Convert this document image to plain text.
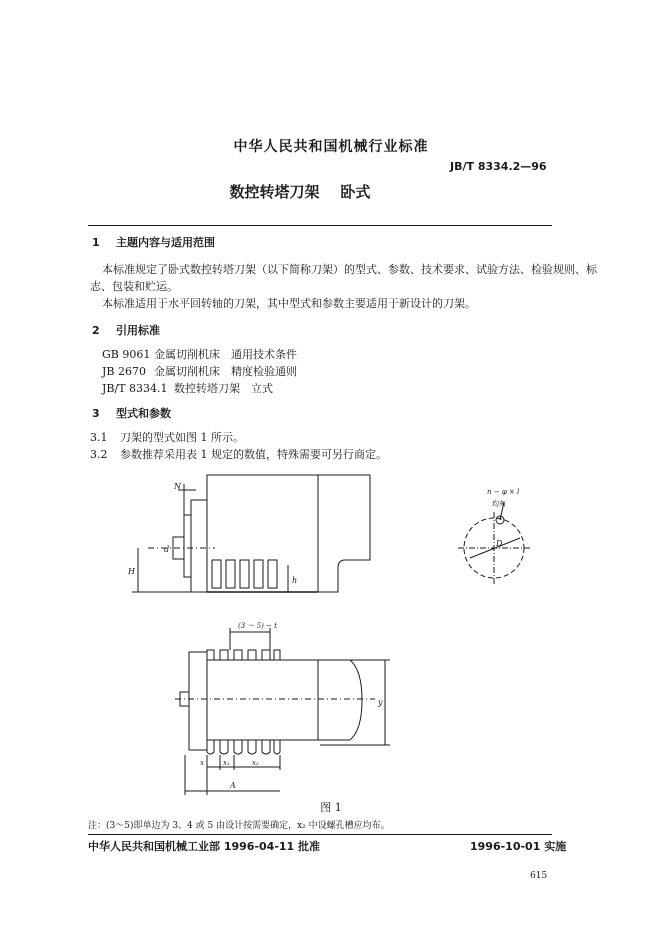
中华人民共和国机械行业标准
JB/T 8334.2—96
数控转塔刀架    卧式
1 主题内容与适用范围
本标准规定了卧式数控转塔刀架（以下简称刀架）的型式、参数、技术要求、试验方法、检验规则、标
志、包装和贮运。
本标准适用于水平回转轴的刀架，其中型式和参数主要适用于新设计的刀架。
2 引用标准
GB 9061 金属切削机床　通用技术条件
JB 2670 金属切削机床　精度检验通则
JB/T 8334.1 数控转塔刀架　立式
3 型式和参数
3.1 刀架的型式如图 1 所示。
3.2 参数推荐采用表 1 规定的数值，特殊需要可另行商定。
N
d
H
h
n − φ × l
均布
D
(3 ～ 5) − t
y
x	x₁	x₂
A
图 1
注：(3～5)即单边为 3、4 或 5 由设计按需要确定，x₂ 中设螺孔槽应均布。
中华人民共和国机械工业部 1996-04-11 批准	1996-10-01 实施
615
